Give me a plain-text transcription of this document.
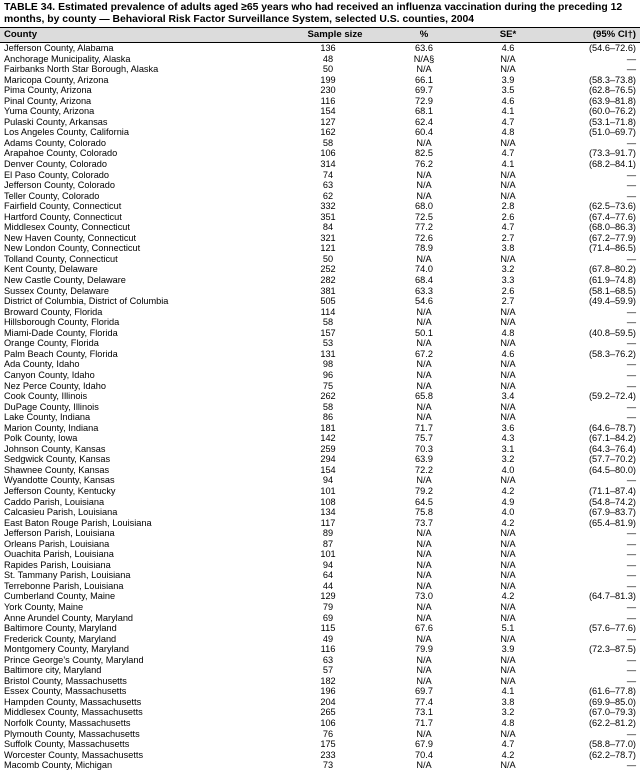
TABLE 34. Estimated prevalence of adults aged ≥65 years who had received an influenza vaccination during the preceding 12 months, by county — Behavioral Risk Factor Surveillance System, selected U.S. counties, 2004
County	Sample size	%	SE*	(95% CI†)
Jefferson County, Alabama	136	63.6	4.6	(54.6–72.6)
Anchorage Municipality, Alaska	48	N/A§	N/A	—
Fairbanks North Star Borough, Alaska	50	N/A	N/A	—
Maricopa County, Arizona	199	66.1	3.9	(58.3–73.8)
Pima County, Arizona	230	69.7	3.5	(62.8–76.5)
Pinal County, Arizona	116	72.9	4.6	(63.9–81.8)
Yuma County, Arizona	154	68.1	4.1	(60.0–76.2)
Pulaski County, Arkansas	127	62.4	4.7	(53.1–71.8)
Los Angeles County, California	162	60.4	4.8	(51.0–69.7)
Adams County, Colorado	58	N/A	N/A	—
Arapahoe County, Colorado	106	82.5	4.7	(73.3–91.7)
Denver County, Colorado	314	76.2	4.1	(68.2–84.1)
El Paso County, Colorado	74	N/A	N/A	—
Jefferson County, Colorado	63	N/A	N/A	—
Teller County, Colorado	62	N/A	N/A	—
Fairfield County, Connecticut	332	68.0	2.8	(62.5–73.6)
Hartford County, Connecticut	351	72.5	2.6	(67.4–77.6)
Middlesex County, Connecticut	84	77.2	4.7	(68.0–86.3)
New Haven County, Connecticut	321	72.6	2.7	(67.2–77.9)
New London County, Connecticut	121	78.9	3.8	(71.4–86.5)
Tolland County, Connecticut	50	N/A	N/A	—
Kent County, Delaware	252	74.0	3.2	(67.8–80.2)
New Castle County, Delaware	282	68.4	3.3	(61.9–74.8)
Sussex County, Delaware	381	63.3	2.6	(58.1–68.5)
District of Columbia, District of Columbia	505	54.6	2.7	(49.4–59.9)
Broward County, Florida	114	N/A	N/A	—
Hillsborough County, Florida	58	N/A	N/A	—
Miami-Dade County, Florida	157	50.1	4.8	(40.8–59.5)
Orange County, Florida	53	N/A	N/A	—
Palm Beach County, Florida	131	67.2	4.6	(58.3–76.2)
Ada County, Idaho	98	N/A	N/A	—
Canyon County, Idaho	96	N/A	N/A	—
Nez Perce County, Idaho	75	N/A	N/A	—
Cook County, Illinois	262	65.8	3.4	(59.2–72.4)
DuPage County, Illinois	58	N/A	N/A	—
Lake County, Indiana	86	N/A	N/A	—
Marion County, Indiana	181	71.7	3.6	(64.6–78.7)
Polk County, Iowa	142	75.7	4.3	(67.1–84.2)
Johnson County, Kansas	259	70.3	3.1	(64.3–76.4)
Sedgwick County, Kansas	294	63.9	3.2	(57.7–70.2)
Shawnee County, Kansas	154	72.2	4.0	(64.5–80.0)
Wyandotte County, Kansas	94	N/A	N/A	—
Jefferson County, Kentucky	101	79.2	4.2	(71.1–87.4)
Caddo Parish, Louisiana	108	64.5	4.9	(54.8–74.2)
Calcasieu Parish, Louisiana	134	75.8	4.0	(67.9–83.7)
East Baton Rouge Parish, Louisiana	117	73.7	4.2	(65.4–81.9)
Jefferson Parish, Louisiana	89	N/A	N/A	—
Orleans Parish, Louisiana	87	N/A	N/A	—
Ouachita Parish, Louisiana	101	N/A	N/A	—
Rapides Parish, Louisiana	94	N/A	N/A	—
St. Tammany Parish, Louisiana	64	N/A	N/A	—
Terrebonne Parish, Louisiana	44	N/A	N/A	—
Cumberland County, Maine	129	73.0	4.2	(64.7–81.3)
York County, Maine	79	N/A	N/A	—
Anne Arundel County, Maryland	69	N/A	N/A	—
Baltimore County, Maryland	115	67.6	5.1	(57.6–77.6)
Frederick County, Maryland	49	N/A	N/A	—
Montgomery County, Maryland	116	79.9	3.9	(72.3–87.5)
Prince George’s County, Maryland	63	N/A	N/A	—
Baltimore city, Maryland	57	N/A	N/A	—
Bristol County, Massachusetts	182	N/A	N/A	—
Essex County, Massachusetts	196	69.7	4.1	(61.6–77.8)
Hampden County, Massachusetts	204	77.4	3.8	(69.9–85.0)
Middlesex County, Massachusetts	265	73.1	3.2	(67.0–79.3)
Norfolk County, Massachusetts	106	71.7	4.8	(62.2–81.2)
Plymouth County, Massachusetts	76	N/A	N/A	—
Suffolk County, Massachusetts	175	67.9	4.7	(58.8–77.0)
Worcester County, Massachusetts	233	70.4	4.2	(62.2–78.7)
Macomb County, Michigan	73	N/A	N/A	—
